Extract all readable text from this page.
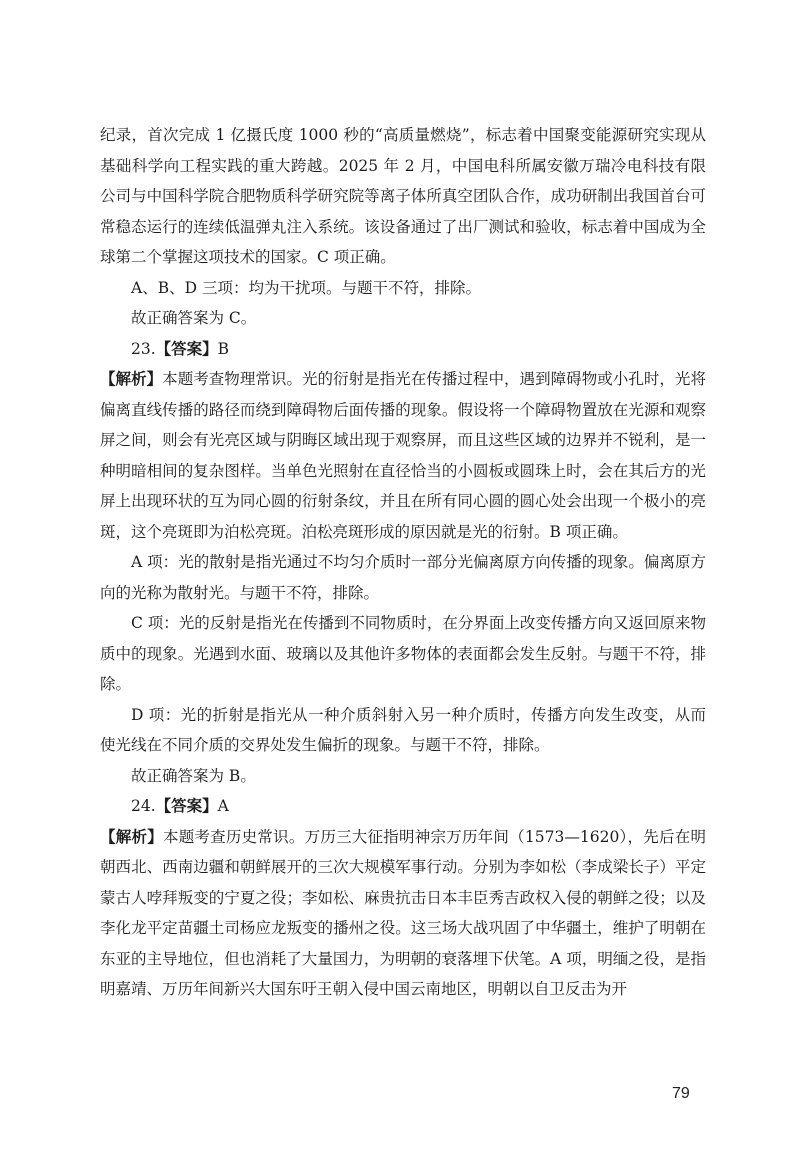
纪录，首次完成 1 亿摄氏度 1000 秒的“高质量燃烧”，标志着中国聚变能源研究实现从基础科学向工程实践的重大跨越。2025 年 2 月，中国电科所属安徽万瑞冷电科技有限公司与中国科学院合肥物质科学研究院等离子体所真空团队合作，成功研制出我国首台可常稳态运行的连续低温弹丸注入系统。该设备通过了出厂测试和验收，标志着中国成为全球第二个掌握这项技术的国家。C 项正确。

A、B、D 三项：均为干扰项。与题干不符，排除。

故正确答案为 C。

23.【答案】B

【解析】本题考查物理常识。光的衍射是指光在传播过程中，遇到障碍物或小孔时，光将偏离直线传播的路径而绕到障碍物后面传播的现象。假设将一个障碍物置放在光源和观察屏之间，则会有光亮区域与阴晦区域出现于观察屏，而且这些区域的边界并不锐利，是一种明暗相间的复杂图样。当单色光照射在直径恰当的小圆板或圆珠上时，会在其后方的光屏上出现环状的互为同心圆的衍射条纹，并且在所有同心圆的圆心处会出现一个极小的亮斑，这个亮斑即为泊松亮斑。泊松亮斑形成的原因就是光的衍射。B 项正确。

A 项：光的散射是指光通过不均匀介质时一部分光偏离原方向传播的现象。偏离原方向的光称为散射光。与题干不符，排除。

C 项：光的反射是指光在传播到不同物质时，在分界面上改变传播方向又返回原来物质中的现象。光遇到水面、玻璃以及其他许多物体的表面都会发生反射。与题干不符，排除。

D 项：光的折射是指光从一种介质斜射入另一种介质时，传播方向发生改变，从而使光线在不同介质的交界处发生偏折的现象。与题干不符，排除。

故正确答案为 B。

24.【答案】A

【解析】本题考查历史常识。万历三大征指明神宗万历年间（1573—1620），先后在明朝西北、西南边疆和朝鲜展开的三次大规模军事行动。分别为李如松（李成梁长子）平定蒙古人哱拜叛变的宁夏之役；李如松、麻贵抗击日本丰臣秀吉政权入侵的朝鲜之役；以及李化龙平定苗疆土司杨应龙叛变的播州之役。这三场大战巩固了中华疆土，维护了明朝在东亚的主导地位，但也消耗了大量国力，为明朝的衰落埋下伏笔。A 项，明缅之役，是指明嘉靖、万历年间新兴大国东吁王朝入侵中国云南地区，明朝以自卫反击为开

79
